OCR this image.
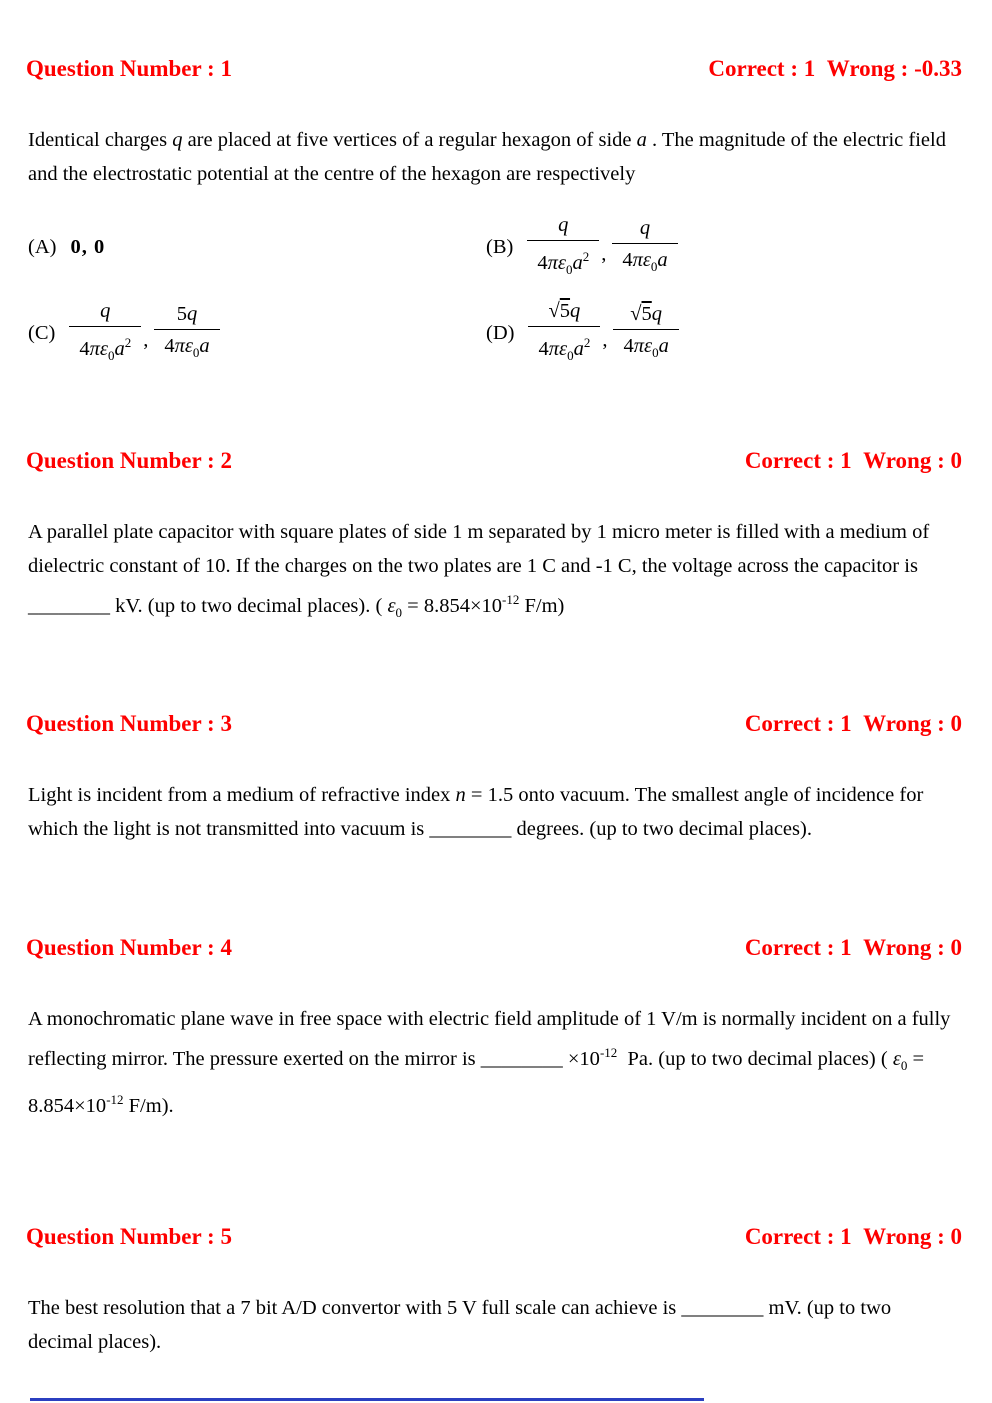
Question Number : 1	Correct : 1  Wrong : -0.33

Identical charges q are placed at five vertices of a regular hexagon of side a . The magnitude of the electric field and the electrostatic potential at the centre of the hexagon are respectively

(A) 0, 0	$(B) \frac{q}{4\pi\varepsilon_0a^2}$ , $\frac{q}{4\pi\varepsilon_0a}$
$(C) \frac{q}{4\pi\varepsilon_0a^2}$ , $\frac{5q}{4\pi\varepsilon_0a}$	$(D) \frac{√5q}{4\pi\varepsilon_0a^2}$ , $\frac{√5q}{4\pi\varepsilon_0a}$
Question Number : 2	Correct : 1  Wrong : 0

A parallel plate capacitor with square plates of side 1 m separated by 1 micro meter is filled with a medium of dielectric constant of 10. If the charges on the two plates are 1 C and -1 C, the voltage across the capacitor is ________ kV. (up to two decimal places). ( $\varepsilon_0 = 8.854\times 10^{-12}$ F/m)

Question Number : 3	Correct : 1  Wrong : 0

Light is incident from a medium of refractive index n = 1.5 onto vacuum. The smallest angle of incidence for which the light is not transmitted into vacuum is ________ degrees. (up to two decimal places).

Question Number : 4	Correct : 1  Wrong : 0

A monochromatic plane wave in free space with electric field amplitude of 1 V/m is normally incident on a fully reflecting mirror. The pressure exerted on the mirror is ________ $\times 10^{-12}$  Pa. (up to two decimal places) ( $\varepsilon_0 = 8.854\times 10^{-12}$ F/m).

Question Number : 5	Correct : 1  Wrong : 0

The best resolution that a 7 bit A/D convertor with 5 V full scale can achieve is ________ mV. (up to two decimal places).
